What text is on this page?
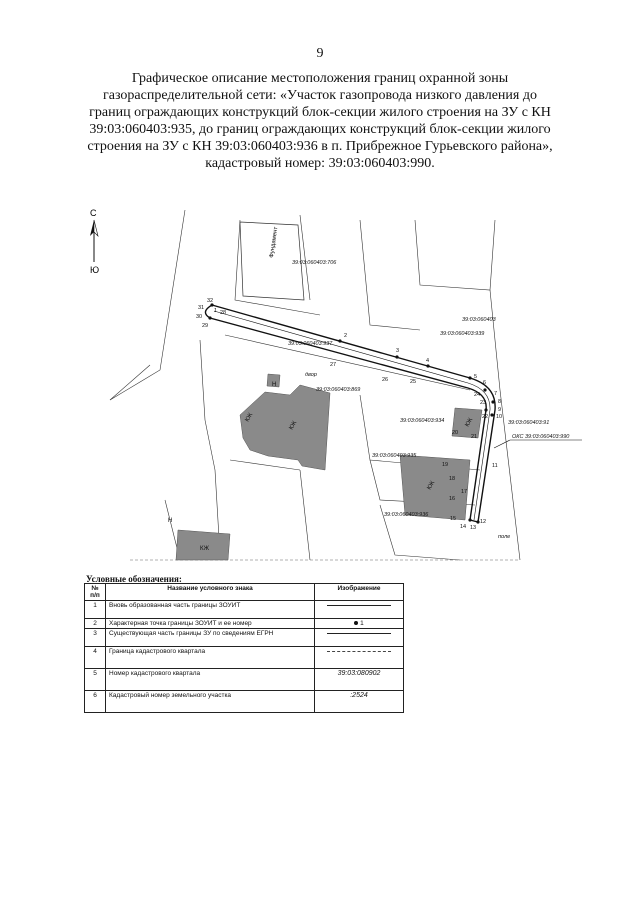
9
Графическое описание местоположения границ охранной зоны
газораспределительной сети: «Участок газопровода низкого давления до
границ ограждающих конструкций блок-секции жилого строения на ЗУ с КН
39:03:060403:935, до границ ограждающих конструкций блок-секции жилого
строения на ЗУ с КН 39:03:060403:936 в п. Прибрежное Гурьевского района»,
кадастровый номер: 39:03:060403:990.
С
Ю
Фундамент
КЖ
КЖ	КЖ
КЖ
КЖ
Н
Н
32
31
30
29
1
2
3
4
5
6
7
8
9
10
11
12
13
14
15
16
17
18
19
20
21
22
23
24
25
26
27
28
39:03:060403:706
39:03:060403
39:03:060403:939
39:03:060403:937
39:03:060403:869
39:03:060403:934
39:03:060403:935
39:03:060403:936
39:03:060403:91
двор
поле
ОКС 39:03:060403:990
Условные обозначения:
№ п/п	Название условного знака	Изображение
1	Вновь образованная часть границы ЗОУИТ	
2	Характерная точка границы ЗОУИТ и ее номер	1
3	Существующая часть границы ЗУ по сведениям ЕГРН	
4	Граница кадастрового квартала	
5	Номер кадастрового квартала	39:03:080902
6	Кадастровый номер земельного участка	:2524
